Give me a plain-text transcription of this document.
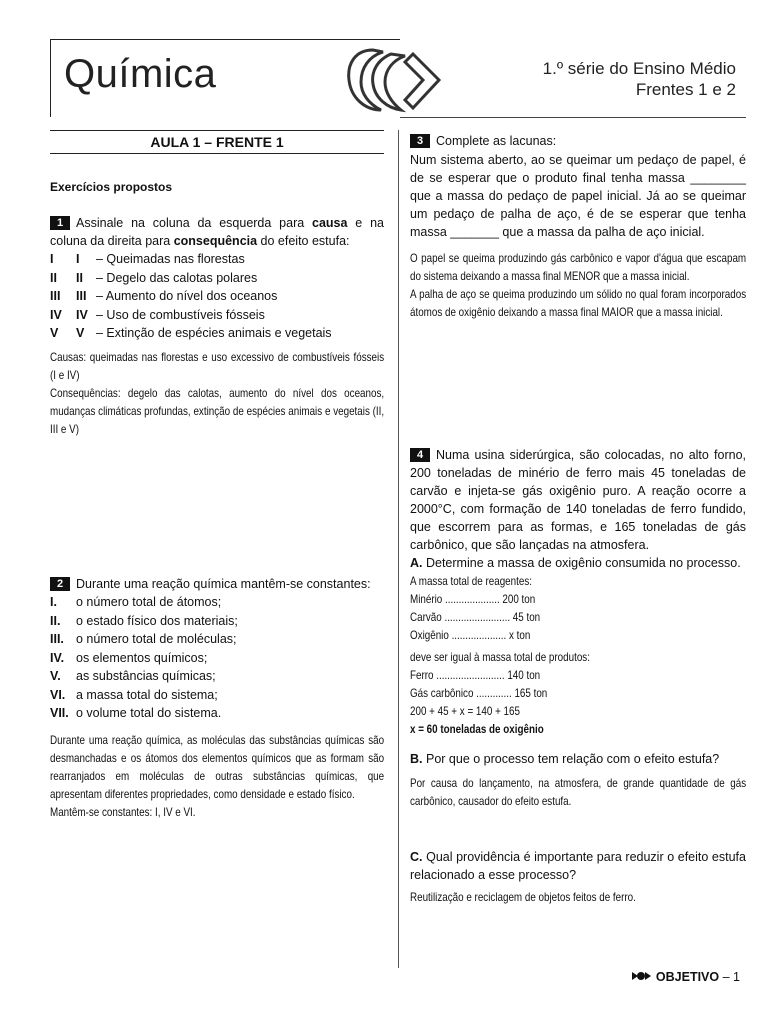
Química	1.º série do Ensino Médio
Frentes 1 e 2
AULA 1 – FRENTE 1
Exercícios propostos
1 Assinale na coluna da esquerda para causa e na coluna da direita para consequência do efeito estufa:
I I – Queimadas nas florestas
II II – Degelo das calotas polares
III III – Aumento do nível dos oceanos
IV IV – Uso de combustíveis fósseis
V V – Extinção de espécies animais e vegetais
Causas: queimadas nas florestas e uso excessivo de combustíveis fósseis (I e IV)
Consequências: degelo das calotas, aumento do nível dos oceanos, mudanças climáticas profundas, extinção de espécies animais e vegetais (II, III e V)
2 Durante uma reação química mantêm-se constantes:
I. o número total de átomos;
II. o estado físico dos materiais;
III. o número total de moléculas;
IV. os elementos químicos;
V. as substâncias químicas;
VI. a massa total do sistema;
VII. o volume total do sistema.
Durante uma reação química, as moléculas das substâncias químicas são desmanchadas e os átomos dos elementos químicos que as formam são rearranjados em moléculas de outras substâncias químicas, que apresentam diferentes propriedades, como densidade e estado físico.
Mantêm-se constantes: I, IV e VI.
3 Complete as lacunas:
Num sistema aberto, ao se queimar um pedaço de papel, é de se esperar que o produto final tenha massa ________ que a massa do pedaço de papel inicial. Já ao se queimar um pedaço de palha de aço, é de se esperar que tenha massa _______ que a massa da palha de aço inicial.
O papel se queima produzindo gás carbônico e vapor d'água que escapam do sistema deixando a massa final MENOR que a massa inicial.
A palha de aço se queima produzindo um sólido no qual foram incorporados átomos de oxigênio deixando a massa final MAIOR que a massa inicial.
4 Numa usina siderúrgica, são colocadas, no alto forno, 200 toneladas de minério de ferro mais 45 toneladas de carvão e injeta-se gás oxigênio puro. A reação ocorre a 2000°C, com formação de 140 toneladas de ferro fundido, que escorrem para as formas, e 165 toneladas de gás carbônico, que são lançadas na atmosfera.
A. Determine a massa de oxigênio consumida no processo.
A massa total de reagentes:
Minério .................... 200 ton
Carvão ........................ 45 ton
Oxigênio .................... x ton
deve ser igual à massa total de produtos:
Ferro ......................... 140 ton
Gás carbônico ............. 165 ton
200 + 45 + x = 140 + 165
x = 60 toneladas de oxigênio
B. Por que o processo tem relação com o efeito estufa?
Por causa do lançamento, na atmosfera, de grande quantidade de gás carbônico, causador do efeito estufa.
C. Qual providência é importante para reduzir o efeito estufa relacionado a esse processo?
Reutilização e reciclagem de objetos feitos de ferro.
OBJETIVO – 1
